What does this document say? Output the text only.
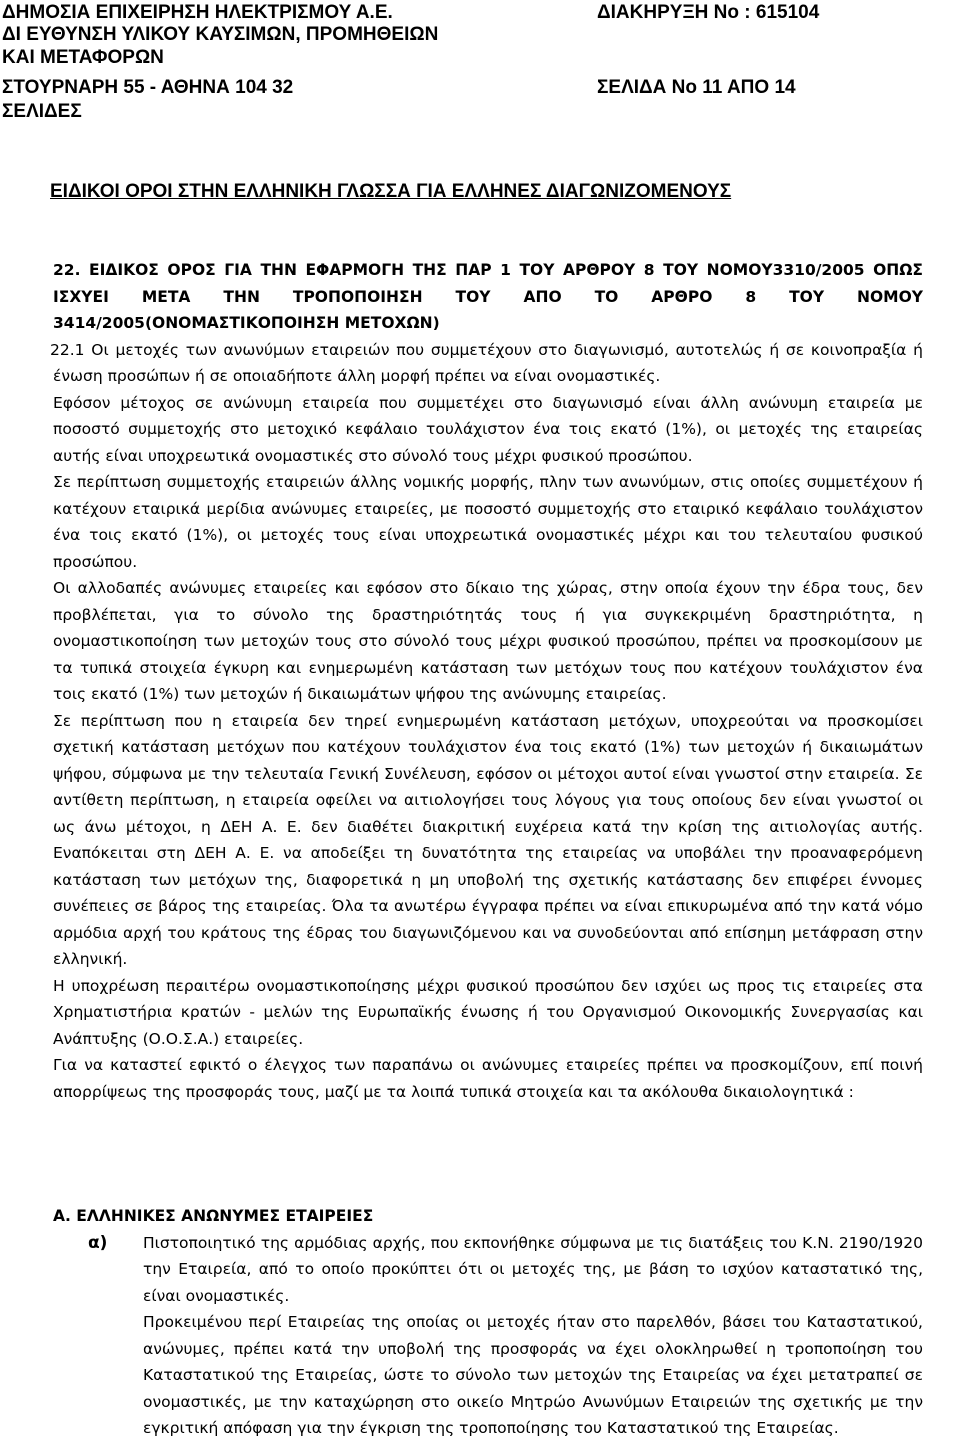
ΔΗΜΟΣΙΑ ΕΠΙΧΕΙΡΗΣΗ ΗΛΕΚΤΡΙΣΜΟΥ Α.Ε.
ΔΙ ΕΥΘΥΝΣΗ ΥΛΙΚΟΥ ΚΑΥΣΙΜΩΝ, ΠΡΟΜΗΘΕΙΩΝ
ΚΑΙ ΜΕΤΑΦΟΡΩΝ
ΣΤΟΥΡΝΑΡΗ 55 - ΑΘΗΝΑ 104 32
ΣΕΛΙΔΕΣ
ΔΙΑΚΗΡΥΞΗ Νο : 615104
ΣΕΛΙΔΑ Νο 11 ΑΠΟ 14
ΕΙΔΙΚΟΙ ΟΡΟΙ ΣΤΗΝ ΕΛΛΗΝΙΚΗ ΓΛΩΣΣΑ ΓΙΑ ΕΛΛΗΝΕΣ ΔΙΑΓΩΝΙΖΟΜΕΝΟΥΣ
22. ΕΙΔΙΚΟΣ ΟΡΟΣ ΓΙΑ ΤΗΝ ΕΦΑΡΜΟΓΗ ΤΗΣ ΠΑΡ 1 ΤΟΥ ΑΡΘΡΟΥ 8 ΤΟΥ ΝΟΜΟΥ3310/2005 ΟΠΩΣ ΙΣΧΥΕΙ ΜΕΤΑ ΤΗΝ ΤΡΟΠΟΠΟΙΗΣΗ ΤΟΥ ΑΠΟ ΤΟ ΑΡΘΡΟ 8 ΤΟΥ ΝΟΜΟΥ 3414/2005(ΟΝΟΜΑΣΤΙΚΟΠΟΙΗΣΗ ΜΕΤΟΧΩΝ)

22.1 Οι μετοχές των ανωνύμων εταιρειών που συμμετέχουν στο διαγωνισμό, αυτοτελώς ή σε κοινοπραξία ή ένωση προσώπων ή σε οποιαδήποτε άλλη μορφή πρέπει να είναι ονομαστικές.

Εφόσον μέτοχος σε ανώνυμη εταιρεία που συμμετέχει στο διαγωνισμό είναι άλλη ανώνυμη εταιρεία με ποσοστό συμμετοχής στο μετοχικό κεφάλαιο τουλάχιστον ένα τοις εκατό (1%), οι μετοχές της εταιρείας αυτής είναι υποχρεωτικά ονομαστικές στο σύνολό τους μέχρι φυσικού προσώπου.

Σε περίπτωση συμμετοχής εταιρειών άλλης νομικής μορφής, πλην των ανωνύμων, στις οποίες συμμετέχουν ή κατέχουν εταιρικά μερίδια ανώνυμες εταιρείες, με ποσοστό συμμετοχής στο εταιρικό κεφάλαιο τουλάχιστον ένα τοις εκατό (1%), οι μετοχές τους είναι υποχρεωτικά ονομαστικές μέχρι και του τελευταίου φυσικού προσώπου.

Οι αλλοδαπές ανώνυμες εταιρείες και εφόσον στο δίκαιο της χώρας, στην οποία έχουν την έδρα τους, δεν προβλέπεται, για το σύνολο της δραστηριότητάς τους ή για συγκεκριμένη δραστηριότητα, η ονομαστικοποίηση των μετοχών τους στο σύνολό τους μέχρι φυσικού προσώπου, πρέπει να προσκομίσουν με τα τυπικά στοιχεία έγκυρη και ενημερωμένη κατάσταση των μετόχων τους που κατέχουν τουλάχιστον ένα τοις εκατό (1%) των μετοχών ή δικαιωμάτων ψήφου της ανώνυμης εταιρείας.

Σε περίπτωση που η εταιρεία δεν τηρεί ενημερωμένη κατάσταση μετόχων, υποχρεούται να προσκομίσει σχετική κατάσταση μετόχων που κατέχουν τουλάχιστον ένα τοις εκατό (1%) των μετοχών ή δικαιωμάτων ψήφου, σύμφωνα με την τελευταία Γενική Συνέλευση, εφόσον οι μέτοχοι αυτοί είναι γνωστοί στην εταιρεία. Σε αντίθετη περίπτωση, η εταιρεία οφείλει να αιτιολογήσει τους λόγους για τους οποίους δεν είναι γνωστοί οι ως άνω μέτοχοι, η ΔΕΗ Α. Ε. δεν διαθέτει διακριτική ευχέρεια κατά την κρίση της αιτιολογίας αυτής. Εναπόκειται στη ΔΕΗ Α. Ε. να αποδείξει τη δυνατότητα της εταιρείας να υποβάλει την προαναφερόμενη κατάσταση των μετόχων της, διαφορετικά η μη υποβολή της σχετικής κατάστασης δεν επιφέρει έννομες συνέπειες σε βάρος της εταιρείας. Όλα τα ανωτέρω έγγραφα πρέπει να είναι επικυρωμένα από την κατά νόμο αρμόδια αρχή του κράτους της έδρας του διαγωνιζόμενου και να συνοδεύονται από επίσημη μετάφραση στην ελληνική.

Η υποχρέωση περαιτέρω ονομαστικοποίησης μέχρι φυσικού προσώπου δεν ισχύει ως προς τις εταιρείες στα Χρηματιστήρια κρατών - μελών της Ευρωπαϊκής ένωσης ή του Οργανισμού Οικονομικής Συνεργασίας και Ανάπτυξης (Ο.Ο.Σ.Α.) εταιρείες.

Για να καταστεί εφικτό ο έλεγχος των παραπάνω οι ανώνυμες εταιρείες πρέπει να προσκομίζουν, επί ποινή απορρίψεως της προσφοράς τους, μαζί με τα λοιπά τυπικά στοιχεία και τα ακόλουθα δικαιολογητικά :

Α. ΕΛΛΗΝΙΚΕΣ ΑΝΩΝΥΜΕΣ ΕΤΑΙΡΕΙΕΣ
α) Πιστοποιητικό της αρμόδιας αρχής, που εκπονήθηκε σύμφωνα με τις διατάξεις του Κ.Ν. 2190/1920 την Εταιρεία, από το οποίο προκύπτει ότι οι μετοχές της, με βάση το ισχύον καταστατικό της, είναι ονομαστικές.
Προκειμένου περί Εταιρείας της οποίας οι μετοχές ήταν στο παρελθόν, βάσει του Καταστατικού, ανώνυμες, πρέπει κατά την υποβολή της προσφοράς να έχει ολοκληρωθεί η τροποποίηση του Καταστατικού της Εταιρείας, ώστε το σύνολο των μετοχών της Εταιρείας να έχει μετατραπεί σε ονομαστικές, με την καταχώρηση στο οικείο Μητρώο Ανωνύμων Εταιρειών της σχετικής με την εγκριτική απόφαση για την έγκριση της τροποποίησης του Καταστατικού της Εταιρείας.
